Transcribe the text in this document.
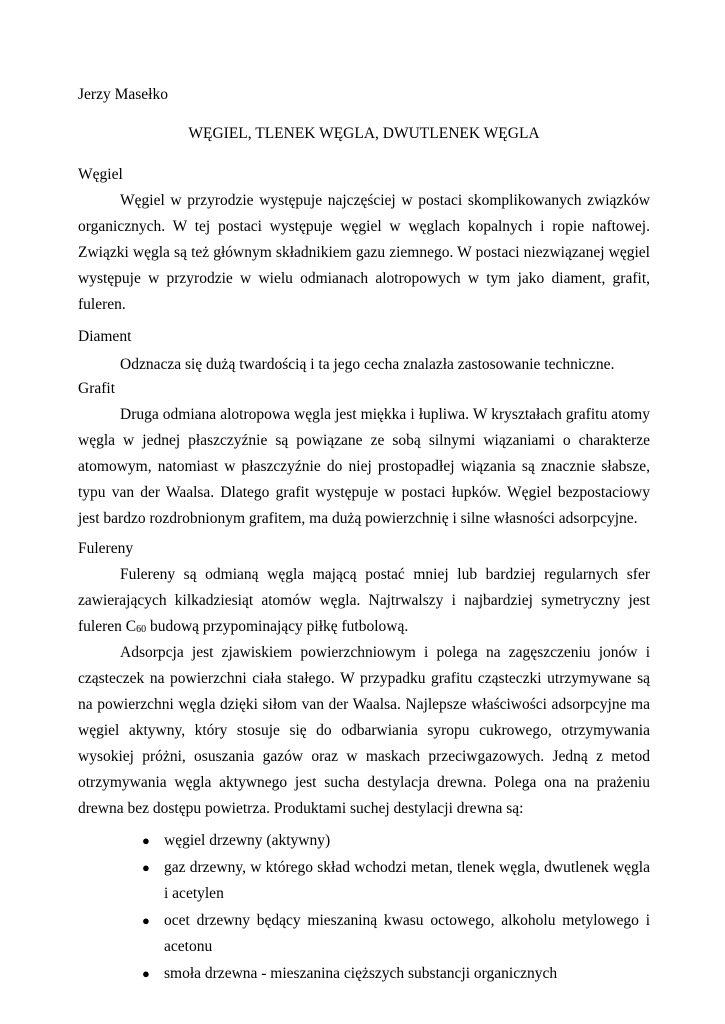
Jerzy Masełko

WĘGIEL, TLENEK WĘGLA, DWUTLENEK WĘGLA

Węgiel

Węgiel w przyrodzie występuje najczęściej w postaci skomplikowanych związków organicznych. W tej postaci występuje węgiel w węglach kopalnych i ropie naftowej. Związki węgla są też głównym składnikiem gazu ziemnego. W postaci niezwiązanej węgiel występuje w przyrodzie w wielu odmianach alotropowych w tym jako diament, grafit, fuleren.

Diament

Odznacza się dużą twardością i ta jego cecha znalazła zastosowanie techniczne.

Grafit

Druga odmiana alotropowa węgla jest miękka i łupliwa. W kryształach grafitu atomy węgla w jednej płaszczyźnie są powiązane ze sobą silnymi wiązaniami o charakterze atomowym, natomiast w płaszczyźnie do niej prostopadłej wiązania są znacznie słabsze, typu van der Waalsa. Dlatego grafit występuje w postaci łupków. Węgiel bezpostaciowy jest bardzo rozdrobnionym grafitem, ma dużą powierzchnię i silne własności adsorpcyjne.

Fulereny

Fulereny są odmianą węgla mającą postać mniej lub bardziej regularnych sfer zawierających kilkadziesiąt atomów węgla. Najtrwalszy i najbardziej symetryczny jest fuleren $C_{60}$ budową przypominający piłkę futbolową.

Adsorpcja jest zjawiskiem powierzchniowym i polega na zagęszczeniu jonów i cząsteczek na powierzchni ciała stałego. W przypadku grafitu cząsteczki utrzymywane są na powierzchni węgla dzięki siłom van der Waalsa. Najlepsze właściwości adsorpcyjne ma węgiel aktywny, który stosuje się do odbarwiania syropu cukrowego, otrzymywania wysokiej próżni, osuszania gazów oraz w maskach przeciwgazowych. Jedną z metod otrzymywania węgla aktywnego jest sucha destylacja drewna. Polega ona na prażeniu drewna bez dostępu powietrza. Produktami suchej destylacji drewna są:

● węgiel drzewny (aktywny)
● gaz drzewny, w którego skład wchodzi metan, tlenek węgla, dwutlenek węgla i acetylen
● ocet drzewny będący mieszaniną kwasu octowego, alkoholu metylowego i acetonu
● smoła drzewna - mieszanina cięższych substancji organicznych
